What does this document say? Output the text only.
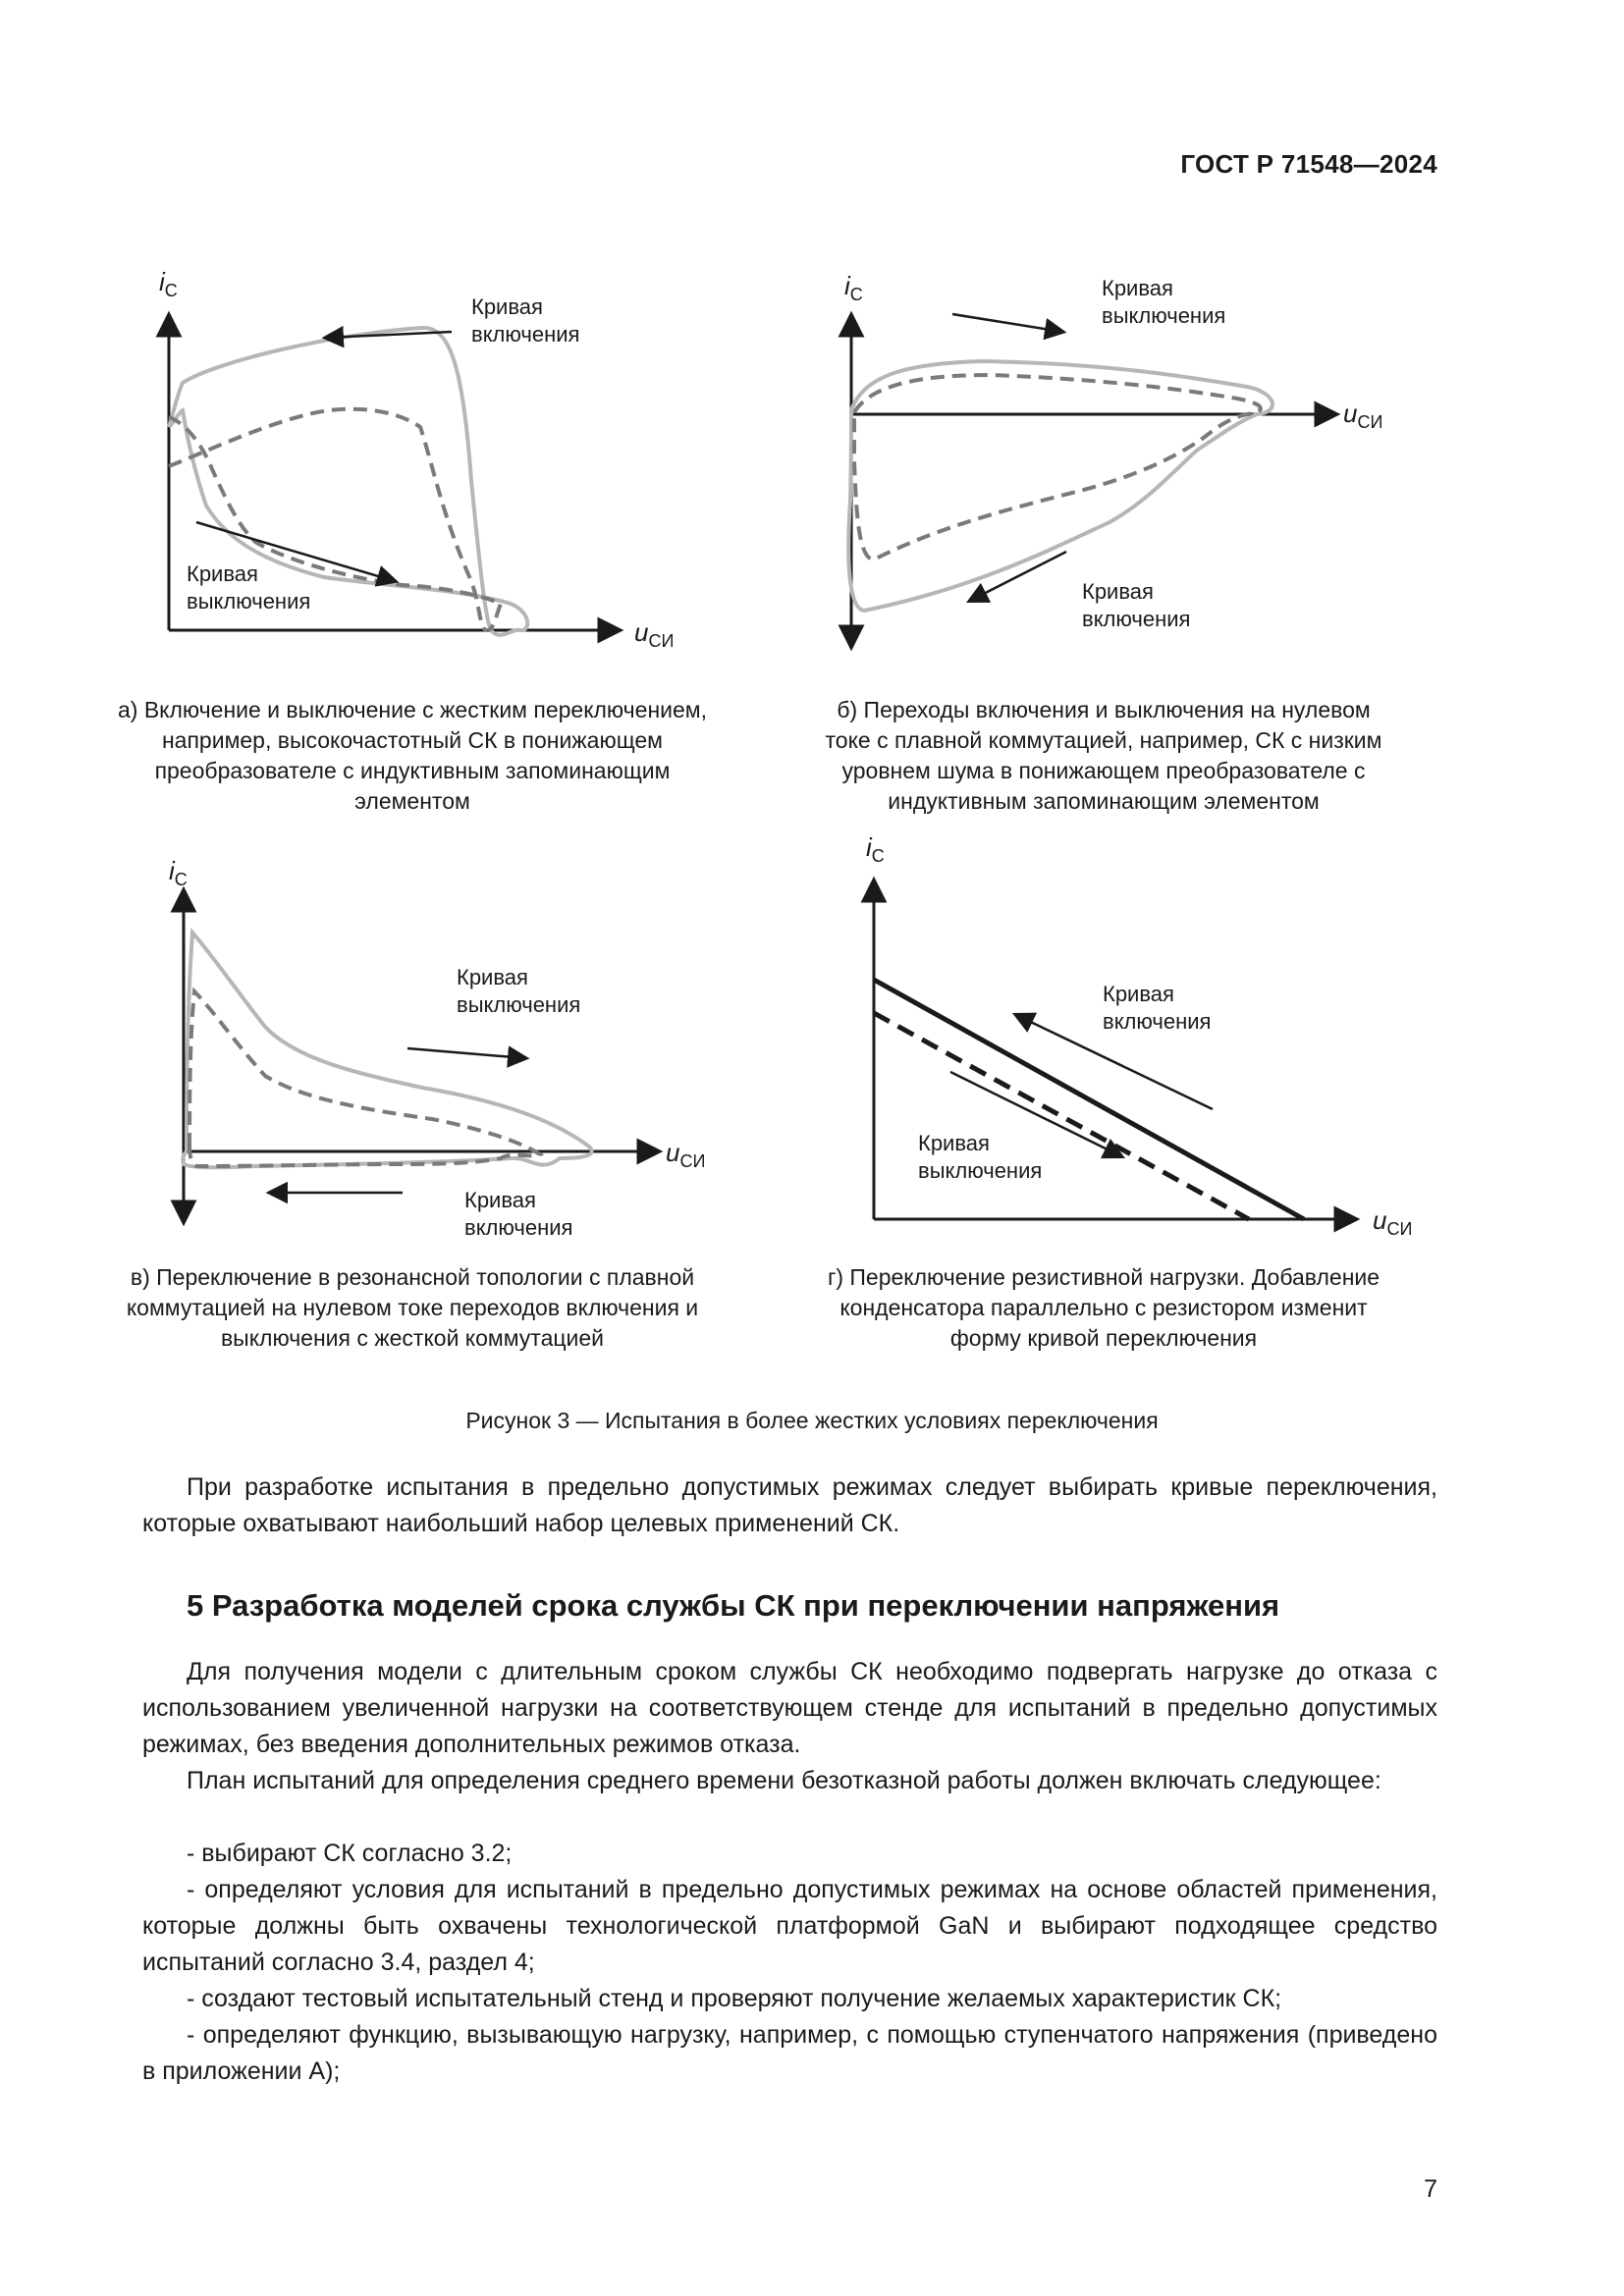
ГОСТ Р 71548—2024
$i_C$
$u_{СИ}$
Кривая включения
Кривая выключения
а) Включение и выключение с жестким переключением,
например, высокочастотный СК в понижающем
преобразователе с индуктивным запоминающим
элементом
$i_C$
$u_{СИ}$
Кривая выключения
Кривая включения
б) Переходы включения и выключения на нулевом
токе с плавной коммутацией, например, СК с низким
уровнем шума в понижающем преобразователе с
индуктивным запоминающим элементом
$i_C$
$u_{СИ}$
Кривая выключения
Кривая включения
в) Переключение в резонансной топологии с плавной
коммутацией на нулевом токе переходов включения и
выключения с жесткой коммутацией
$i_C$
$u_{СИ}$
Кривая включения
Кривая выключения
г) Переключение резистивной нагрузки. Добавление
конденсатора параллельно с резистором изменит
форму кривой переключения
Рисунок 3 — Испытания в более жестких условиях переключения
При разработке испытания в предельно допустимых режимах следует выбирать кривые переключения, которые охватывают наибольший набор целевых применений СК.
5 Разработка моделей срока службы СК при переключении напряжения
Для получения модели с длительным сроком службы СК необходимо подвергать нагрузке до отказа с использованием увеличенной нагрузки на соответствующем стенде для испытаний в предельно допустимых режимах, без введения дополнительных режимов отказа.
План испытаний для определения среднего времени безотказной работы должен включать следующее:
- выбирают СК согласно 3.2;
- определяют условия для испытаний в предельно допустимых режимах на основе областей применения, которые должны быть охвачены технологической платформой GaN и выбирают подходящее средство испытаний согласно 3.4, раздел 4;
- создают тестовый испытательный стенд и проверяют получение желаемых характеристик СК;
- определяют функцию, вызывающую нагрузку, например, с помощью ступенчатого напряжения (приведено в приложении А);
7
